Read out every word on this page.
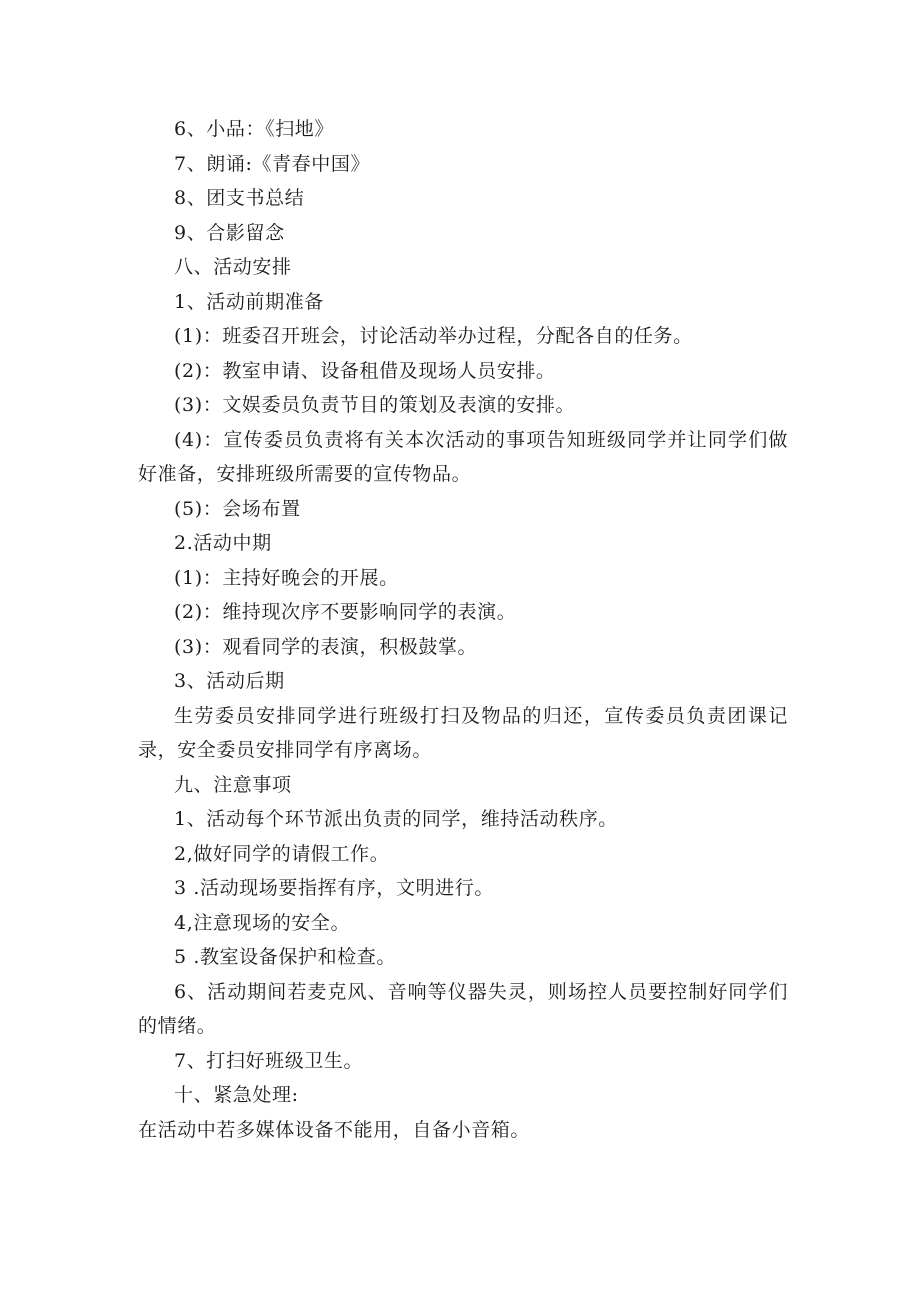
6、小品：《扫地》
7、朗诵:《青春中国》
8、团支书总结
9、合影留念
八、活动安排
1、活动前期准备
(1)：班委召开班会，讨论活动举办过程，分配各自的任务。
(2)：教室申请、设备租借及现场人员安排。
(3)：文娱委员负责节目的策划及表演的安排。
(4)：宣传委员负责将有关本次活动的事项告知班级同学并让同学们做好准备，安排班级所需要的宣传物品。
(5)：会场布置
2.活动中期
(1)：主持好晚会的开展。
(2)：维持现次序不要影响同学的表演。
(3)：观看同学的表演，积极鼓掌。
3、活动后期
生劳委员安排同学进行班级打扫及物品的归还，宣传委员负责团课记录，安全委员安排同学有序离场。
九、注意事项
1、活动每个环节派出负责的同学，维持活动秩序。
2,做好同学的请假工作。
3 .活动现场要指挥有序，文明进行。
4,注意现场的安全。
5 .教室设备保护和检查。
6、活动期间若麦克风、音响等仪器失灵，则场控人员要控制好同学们的情绪。
7、打扫好班级卫生。
十、紧急处理:
在活动中若多媒体设备不能用，自备小音箱。
